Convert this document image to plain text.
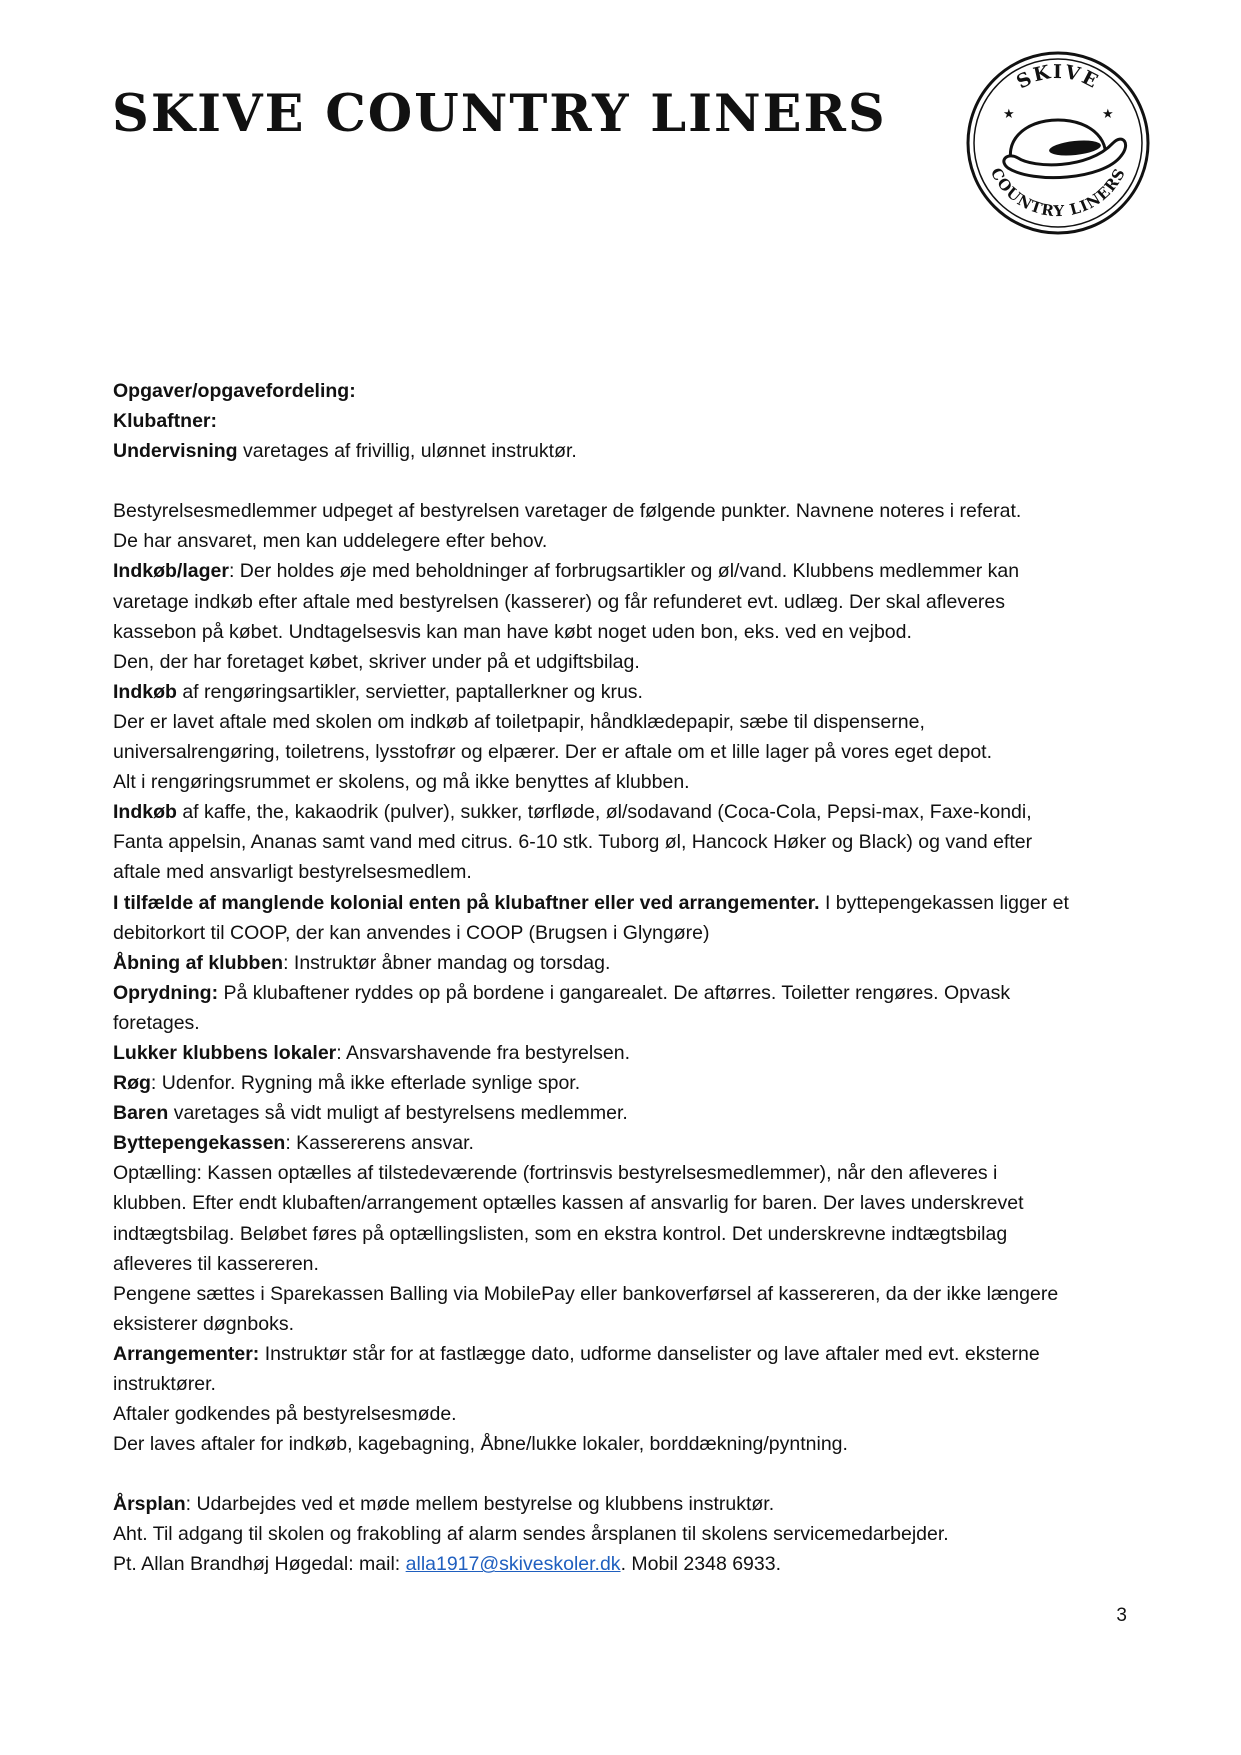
SKIVE COUNTRY LINERS
SKIVE
COUNTRY LINERS
★	★

Opgaver/opgavefordeling:

Klubaftner:

Undervisning varetages af frivillig, ulønnet instruktør.

Bestyrelsesmedlemmer udpeget af bestyrelsen varetager de følgende punkter. Navnene noteres i referat.

De har ansvaret, men kan uddelegere efter behov.

Indkøb/lager: Der holdes øje med beholdninger af forbrugsartikler og øl/vand. Klubbens medlemmer kan

varetage indkøb efter aftale med bestyrelsen (kasserer) og får refunderet evt. udlæg. Der skal afleveres

kassebon på købet. Undtagelsesvis kan man have købt noget uden bon, eks. ved en vejbod.

Den, der har foretaget købet, skriver under på et udgiftsbilag.

Indkøb af rengøringsartikler, servietter, paptallerkner og krus.

Der er lavet aftale med skolen om indkøb af toiletpapir, håndklædepapir, sæbe til dispenserne,

universalrengøring, toiletrens, lysstofrør og elpærer. Der er aftale om et lille lager på vores eget depot.

Alt i rengøringsrummet er skolens, og må ikke benyttes af klubben.

Indkøb af kaffe, the, kakaodrik (pulver), sukker, tørfløde, øl/sodavand (Coca-Cola, Pepsi-max, Faxe-kondi,

Fanta appelsin, Ananas samt vand med citrus. 6-10 stk. Tuborg øl, Hancock Høker og Black) og vand efter

aftale med ansvarligt bestyrelsesmedlem.

I tilfælde af manglende kolonial enten på klubaftner eller ved arrangementer. I byttepengekassen ligger et

debitorkort til COOP, der kan anvendes i COOP (Brugsen i Glyngøre)

Åbning af klubben: Instruktør åbner mandag og torsdag.

Oprydning: På klubaftener ryddes op på bordene i gangarealet. De aftørres. Toiletter rengøres. Opvask

foretages.

Lukker klubbens lokaler: Ansvarshavende fra bestyrelsen.

Røg: Udenfor. Rygning må ikke efterlade synlige spor.

Baren varetages så vidt muligt af bestyrelsens medlemmer.

Byttepengekassen: Kassererens ansvar.

Optælling: Kassen optælles af tilstedeværende (fortrinsvis bestyrelsesmedlemmer), når den afleveres i

klubben. Efter endt klubaften/arrangement optælles kassen af ansvarlig for baren. Der laves underskrevet

indtægtsbilag. Beløbet føres på optællingslisten, som en ekstra kontrol. Det underskrevne indtægtsbilag

afleveres til kassereren.

Pengene sættes i Sparekassen Balling via MobilePay eller bankoverførsel af kassereren, da der ikke længere

eksisterer døgnboks.

Arrangementer: Instruktør står for at fastlægge dato, udforme danselister og lave aftaler med evt. eksterne

instruktører.

Aftaler godkendes på bestyrelsesmøde.

Der laves aftaler for indkøb, kagebagning, Åbne/lukke lokaler, borddækning/pyntning.

Årsplan: Udarbejdes ved et møde mellem bestyrelse og klubbens instruktør.

Aht. Til adgang til skolen og frakobling af alarm sendes årsplanen til skolens servicemedarbejder.

Pt. Allan Brandhøj Høgedal: mail: alla1917@skiveskoler.dk. Mobil 2348 6933.

3
